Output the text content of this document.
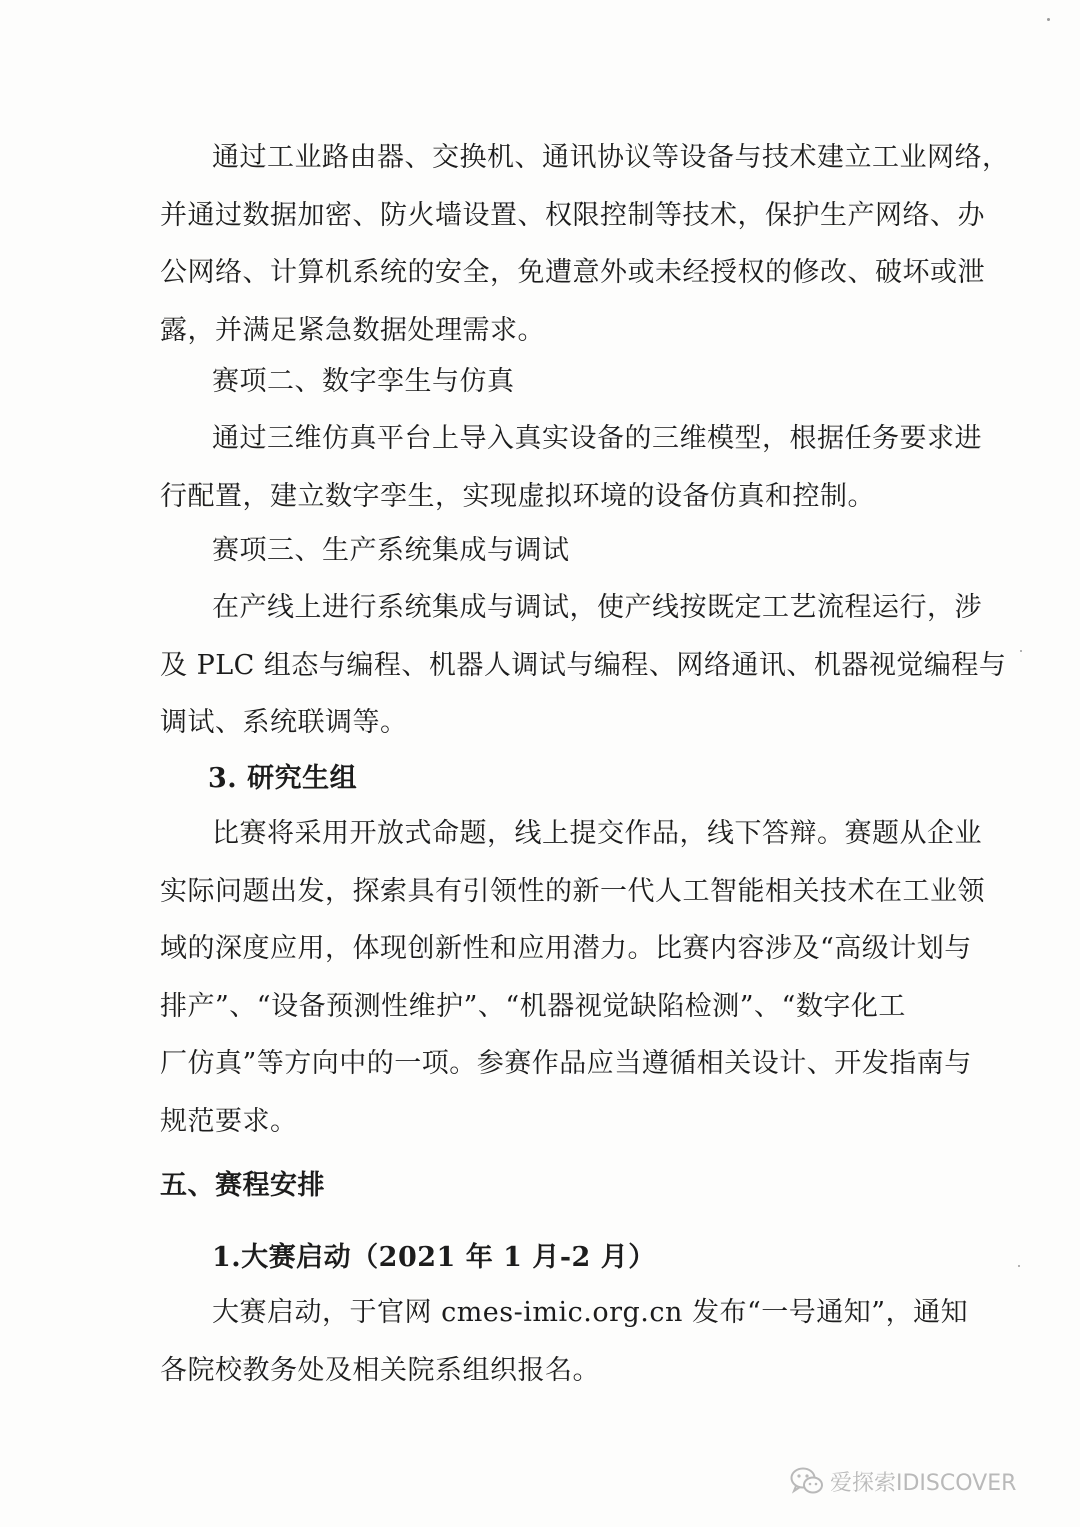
通过工业路由器、交换机、通讯协议等设备与技术建立工业网络，
并通过数据加密、防火墙设置、权限控制等技术，保护生产网络、办
公网络、计算机系统的安全，免遭意外或未经授权的修改、破坏或泄
露，并满足紧急数据处理需求。

赛项二、数字孪生与仿真

通过三维仿真平台上导入真实设备的三维模型，根据任务要求进
行配置，建立数字孪生，实现虚拟环境的设备仿真和控制。

赛项三、生产系统集成与调试

在产线上进行系统集成与调试，使产线按既定工艺流程运行，涉
及 PLC 组态与编程、机器人调试与编程、网络通讯、机器视觉编程与
调试、系统联调等。

3. 研究生组

比赛将采用开放式命题，线上提交作品，线下答辩。赛题从企业
实际问题出发，探索具有引领性的新一代人工智能相关技术在工业领
域的深度应用，体现创新性和应用潜力。比赛内容涉及“高级计划与
排产”、“设备预测性维护”、“机器视觉缺陷检测”、“数字化工
厂仿真”等方向中的一项。参赛作品应当遵循相关设计、开发指南与
规范要求。

五、赛程安排

1.大赛启动（2021 年 1 月-2 月）

大赛启动，于官网 cmes-imic.org.cn 发布“一号通知”，通知
各院校教务处及相关院系组织报名。
爱探索IDISCOVER
